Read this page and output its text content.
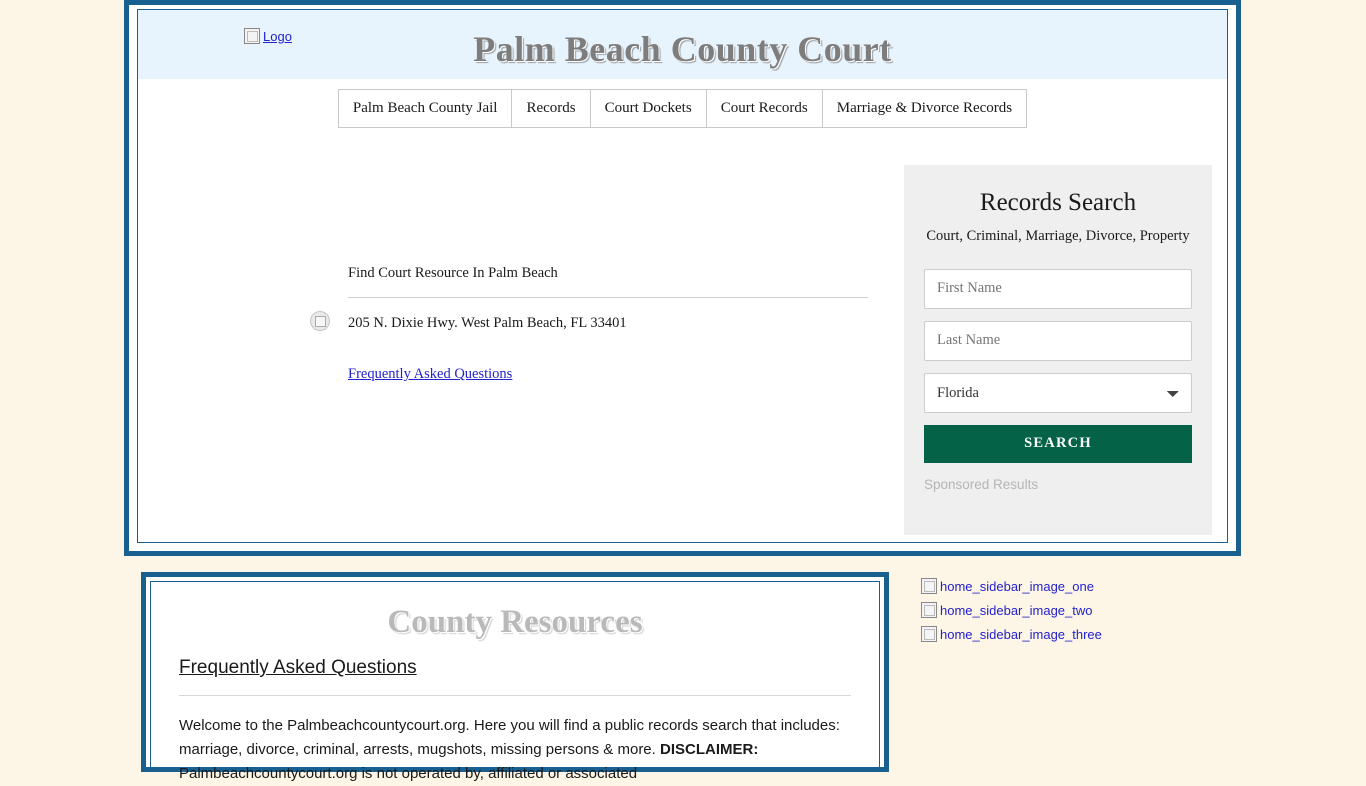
Logo	Palm Beach County Court
Palm Beach County Jail	Records	Court Dockets	Court Records	Marriage & Divorce Records
Find Court Resource In Palm Beach
205 N. Dixie Hwy. West Palm Beach, FL 33401
Frequently Asked Questions
Records Search
Court, Criminal, Marriage, Divorce, Property
First Name Last Name
Florida SEARCH
Sponsored Results
County Resources
Frequently Asked Questions
Welcome to the Palmbeachcountycourt.org. Here you will find a public records search that includes: marriage, divorce, criminal, arrests, mugshots, missing persons & more. DISCLAIMER: Palmbeachcountycourt.org is not operated by, affiliated or associated
home_sidebar_image_one
home_sidebar_image_two
home_sidebar_image_three
